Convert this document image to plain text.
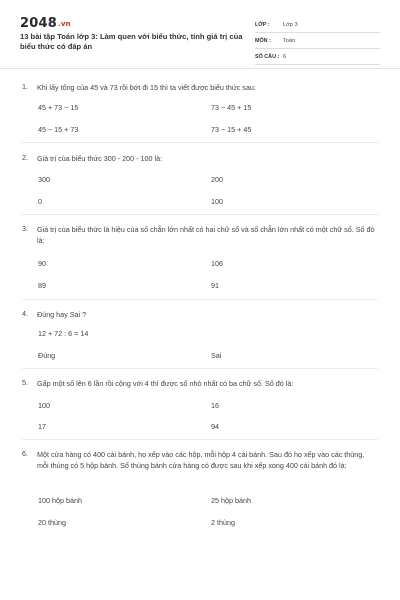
2048.vn
13 bài tập Toán lớp 3: Làm quen với biểu thức, tính giá trị của biểu thức có đáp án
LỚP : Lớp 3
MÔN : Toán
SỐ CÂU : 6
1. Khi lấy tổng của 45 và 73 rồi bớt đi 15 thì ta viết được biểu thức sau:
45 + 73 − 15	73 − 45 + 15
45 − 15 + 73	73 − 15 + 45
2. Giá trị của biểu thức 300 - 200 - 100 là:
300	200
0	100
3. Giá trị của biểu thức là hiệu của số chẵn lớn nhất có hai chữ số và số chẵn lớn nhất có một chữ số. Số đó là:
90	106
89	91
4. Đúng hay Sai ?
12 + 72 : 6 = 14
Đúng	Sai
5. Gấp một số lên 6 lần rồi cộng với 4 thì được số nhỏ nhất có ba chữ số. Số đó là:
100	16
17	94
6. Một cửa hàng có 400 cái bánh, họ xếp vào các hộp, mỗi hộp 4 cái bánh. Sau đó họ xếp vào các thùng, mỗi thùng có 5 hộp bánh. Số thùng bánh cửa hàng có được sau khi xếp xong 400 cái bánh đó là:
100 hộp bánh	25 hộp bánh
20 thùng	2 thùng
